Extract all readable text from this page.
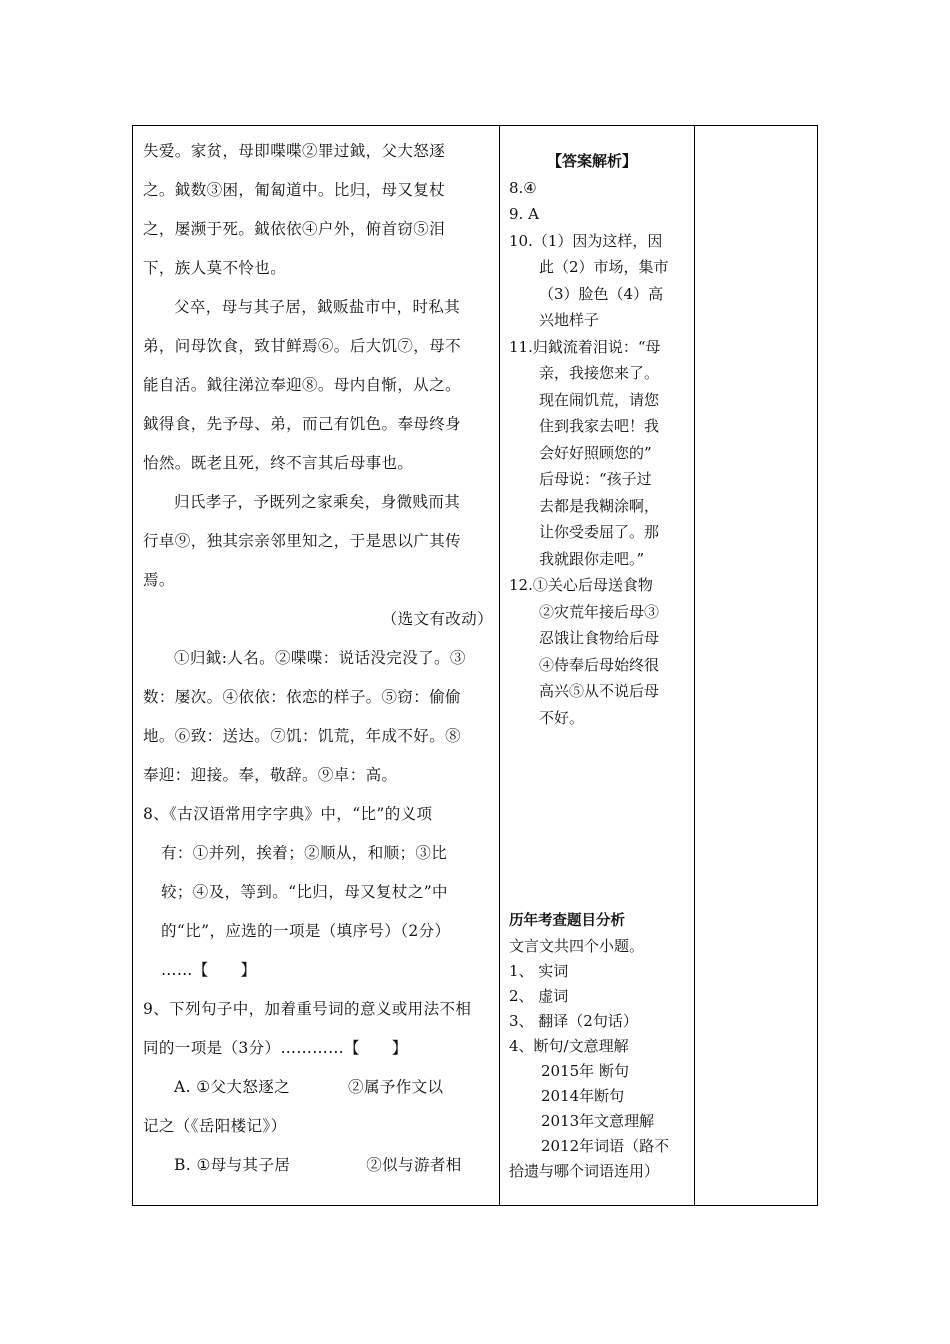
失爱。家贫，母即喋喋②罪过鉞，父大怒逐

之。鉞数③困，匍匐道中。比归，母又复杖

之，屡濒于死。鉞依依④户外，俯首窃⑤泪

下，族人莫不怜也。

父卒，母与其子居，鉞贩盐市中，时私其

弟，问母饮食，致甘鲜焉⑥。后大饥⑦，母不

能自活。鉞往涕泣奉迎⑧。母内自惭，从之。

鉞得食，先予母、弟，而己有饥色。奉母终身

怡然。既老且死，终不言其后母事也。

归氏孝子，予既列之家乘矣，身微贱而其

行卓⑨，独其宗亲邻里知之，于是思以广其传

焉。

（选文有改动）

①归鉞:人名。②喋喋：说话没完没了。③

数：屡次。④依依：依恋的样子。⑤窃：偷偷

地。⑥致：送达。⑦饥：饥荒，年成不好。⑧

奉迎：迎接。奉，敬辞。⑨卓：高。

8、《古汉语常用字字典》中，“比”的义项

有：①并列，挨着；②顺从，和顺；③比

较；④及，等到。“比归，母又复杖之”中

的“比”，应选的一项是（填序号）（2分）

……【　　】

9、下列句子中，加着重号词的意义或用法不相

同的一项是（3分）…………【　　】

A. ①父大怒逐之	②属予作文以

记之（《岳阳楼记》）

B. ①母与其子居	②似与游者相

【答案解析】

8.④

9. A

10.（1）因为这样，因

此（2）市场，集市

（3）脸色（4）高

兴地样子

11.归鉞流着泪说：“母

亲，我接您来了。

现在闹饥荒，请您

住到我家去吧！我

会好好照顾您的”

后母说：“孩子过

去都是我糊涂啊，

让你受委屈了。那

我就跟你走吧。”

12.①关心后母送食物

②灾荒年接后母③

忍饿让食物给后母

④侍奉后母始终很

高兴⑤从不说后母

不好。

历年考查题目分析

文言文共四个小题。

1、 实词

2、 虚词

3、 翻译（2句话）

4、断句/文意理解

2015年 断句

2014年断句

2013年文意理解

2012年词语（路不

拾遗与哪个词语连用）
